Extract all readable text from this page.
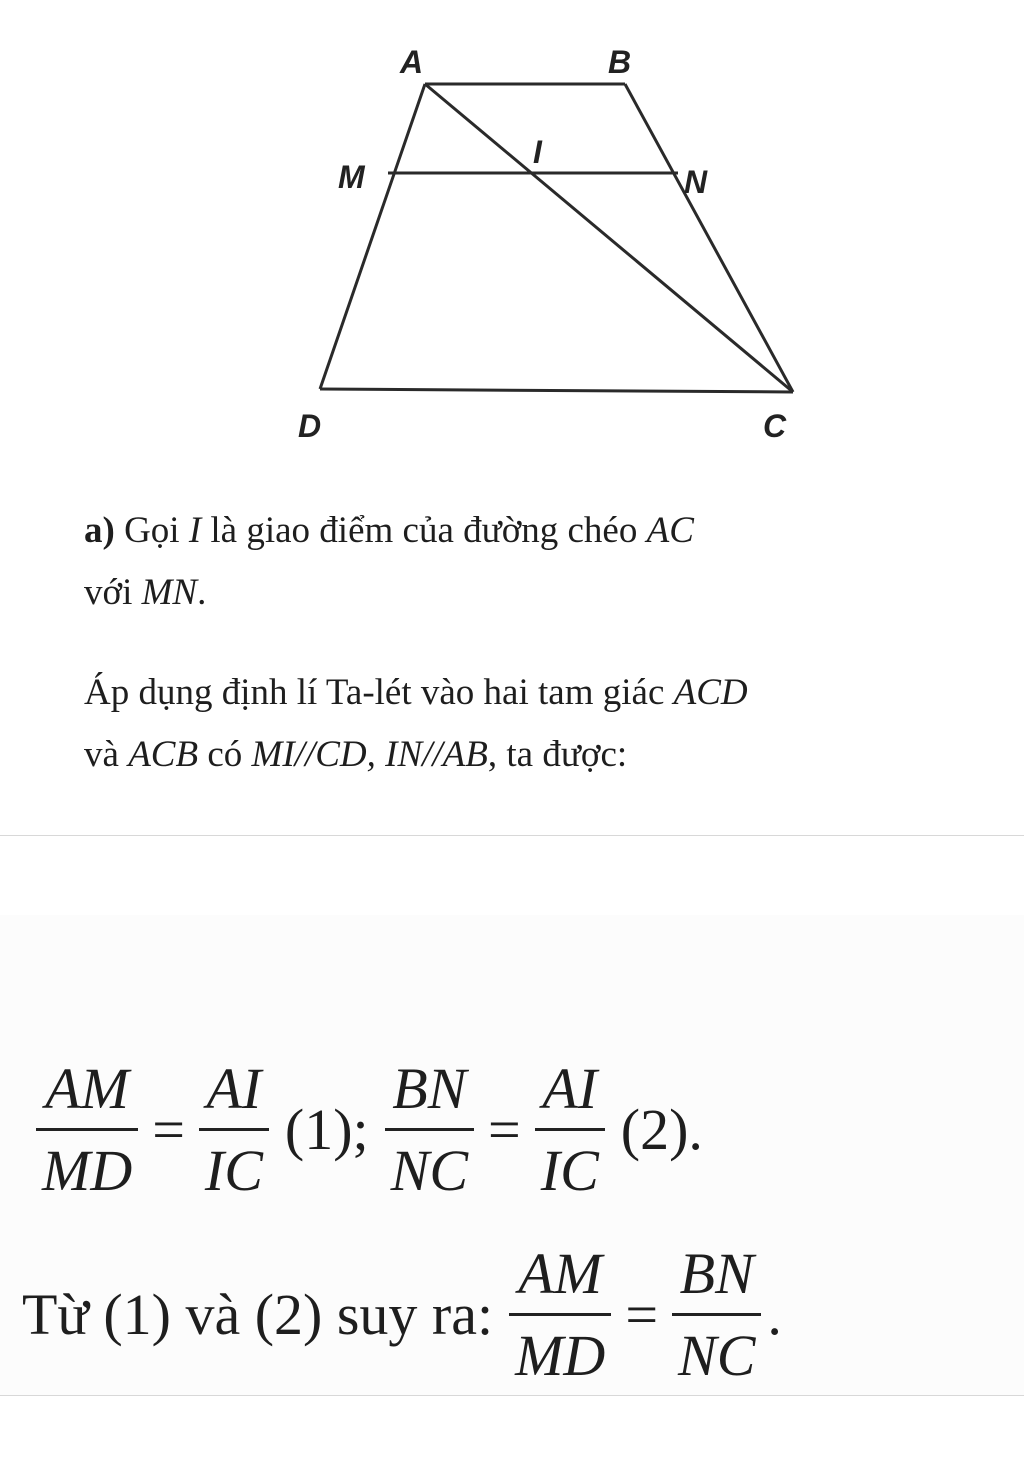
A	B
M
I
N
D	C
a) Gọi I là giao điểm của đường chéo AC
với MN.
Áp dụng định lí Ta-lét vào hai tam giác ACD
và ACB có MI//CD, IN//AB, ta được:
$\frac{AM}{MD} = \frac{AI}{IC} (1)$; $\frac{BN}{NC} = \frac{AI}{IC} (2)$.
Từ (1) và (2) suy ra: $\frac{AM}{MD} = \frac{BN}{NC}$ .
